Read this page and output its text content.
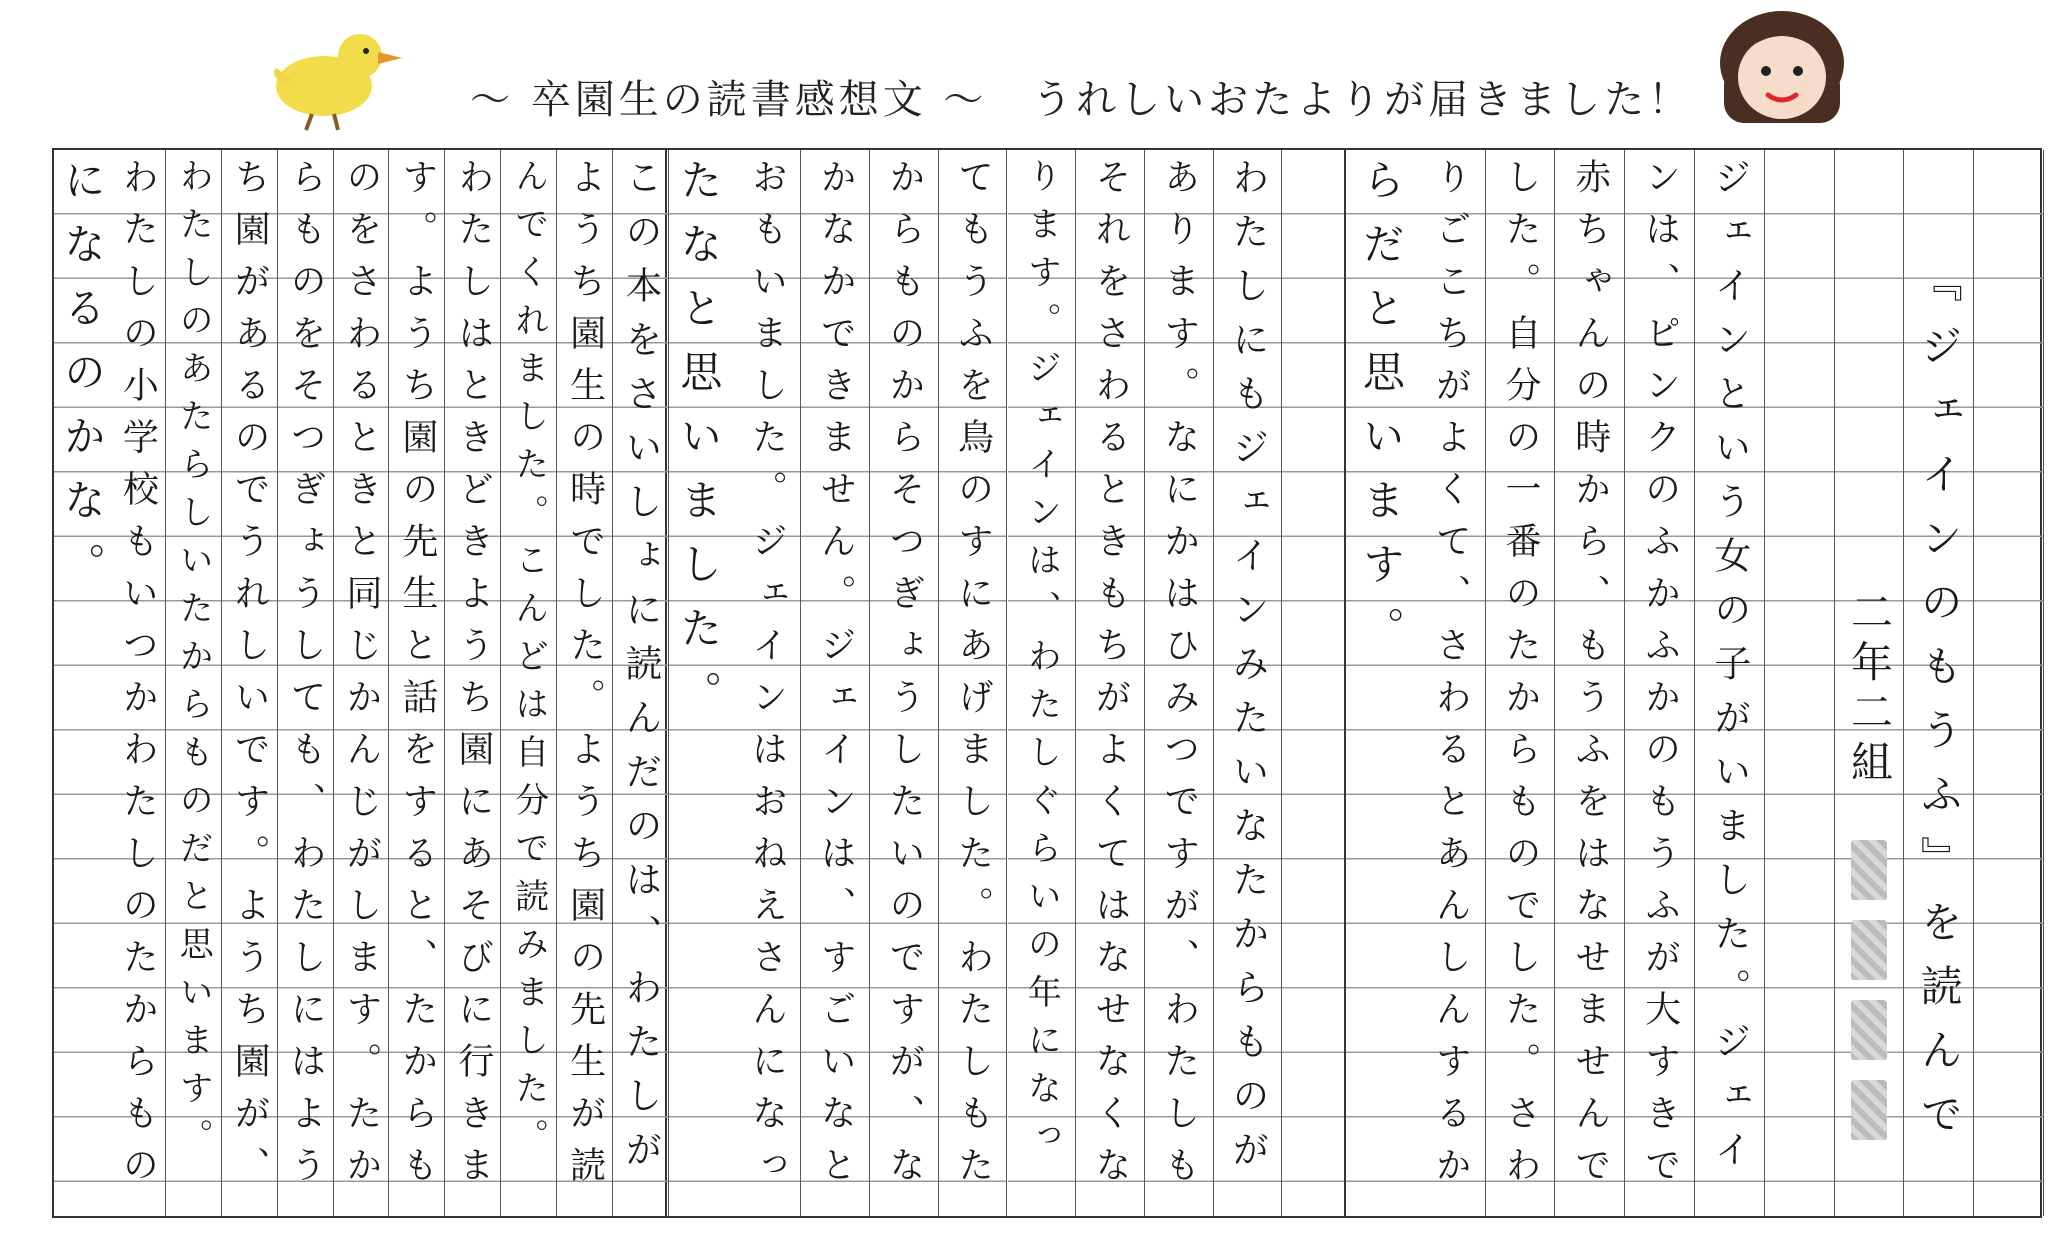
〜 卒園生の読書感想文 〜 うれしいおたよりが届きました！
わたしにもジェインみたいなたからものが
あります。なにかはひみつですが、わたしも
それをさわるときもちがよくてはなせなくな
ります。ジェインは、わたしぐらいの年になっ
てもうふを鳥のすにあげました。わたしもた
からものからそつぎょうしたいのですが、な
かなかできません。ジェインは、すごいなと
おもいました。ジェインはおねえさんになっ
たなと思いました。
この本をさいしょに読んだのは、わたしが
ようち園生の時でした。ようち園の先生が読
んでくれました。こんどは自分で読みました。
わたしはときどきようち園にあそびに行きま
す。ようち園の先生と話をすると、たからも
のをさわるときと同じかんじがします。たか
らものをそつぎょうしても、わたしにはよう
ち園があるのでうれしいです。ようち園が、
わたしのあたらしいたからものだと思います。
わたしの小学校もいつかわたしのたからもの
になるのかな。	『ジェインのもうふ』を読んで
二年二組
ジェインという女の子がいました。ジェイ
ンは、ピンクのふかふかのもうふが大すきで
赤ちゃんの時から、もうふをはなせませんで
した。自分の一番のたからものでした。さわ
りごこちがよくて、さわるとあんしんするか
らだと思います。
